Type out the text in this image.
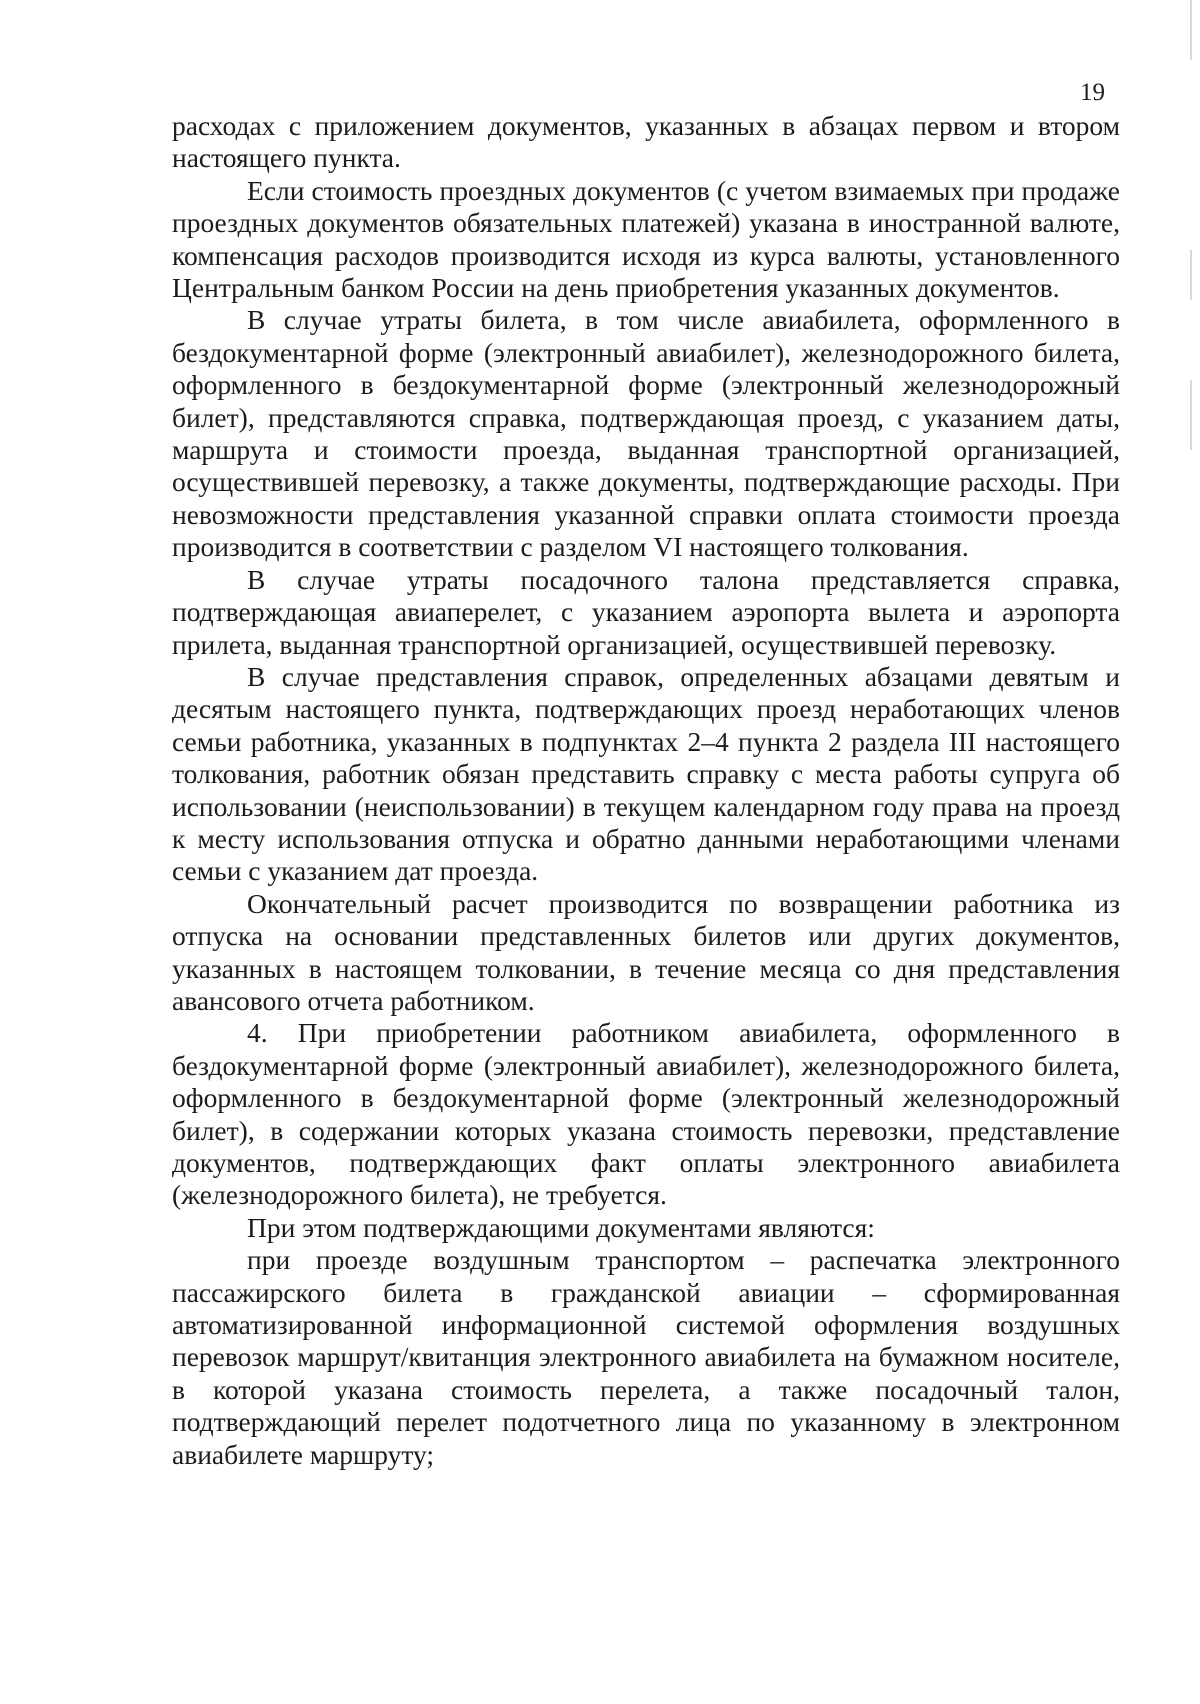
19

расходах с приложением документов, указанных в абзацах первом и втором настоящего пункта.

Если стоимость проездных документов (с учетом взимаемых при продаже проездных документов обязательных платежей) указана в иностранной валюте, компенсация расходов производится исходя из курса валюты, установленного Центральным банком России на день приобретения указанных документов.

В случае утраты билета, в том числе авиабилета, оформленного в бездокументарной форме (электронный авиабилет), железнодорожного билета, оформленного в бездокументарной форме (электронный железнодорожный билет), представляются справка, подтверждающая проезд, с указанием даты, маршрута и стоимости проезда, выданная транспортной организацией, осуществившей перевозку, а также документы, подтверждающие расходы. При невозможности представления указанной справки оплата стоимости проезда производится в соответствии с разделом VI настоящего толкования.

В случае утраты посадочного талона представляется справка, подтверждающая авиаперелет, с указанием аэропорта вылета и аэропорта прилета, выданная транспортной организацией, осуществившей перевозку.

В случае представления справок, определенных абзацами девятым и десятым настоящего пункта, подтверждающих проезд неработающих членов семьи работника, указанных в подпунктах 2–4 пункта 2 раздела III настоящего толкования, работник обязан представить справку с места работы супруга об использовании (неиспользовании) в текущем календарном году права на проезд к месту использования отпуска и обратно данными неработающими членами семьи с указанием дат проезда.

Окончательный расчет производится по возвращении работника из отпуска на основании представленных билетов или других документов, указанных в настоящем толковании, в течение месяца со дня представления авансового отчета работником.

4. При приобретении работником авиабилета, оформленного в бездокументарной форме (электронный авиабилет), железнодорожного билета, оформленного в бездокументарной форме (электронный железнодорожный билет), в содержании которых указана стоимость перевозки, представление документов, подтверждающих факт оплаты электронного авиабилета (железнодорожного билета), не требуется.

При этом подтверждающими документами являются:

при проезде воздушным транспортом – распечатка электронного пассажирского билета в гражданской авиации – сформированная автоматизированной информационной системой оформления воздушных перевозок маршрут/квитанция электронного авиабилета на бумажном носителе, в которой указана стоимость перелета, а также посадочный талон, подтверждающий перелет подотчетного лица по указанному в электронном авиабилете маршруту;
